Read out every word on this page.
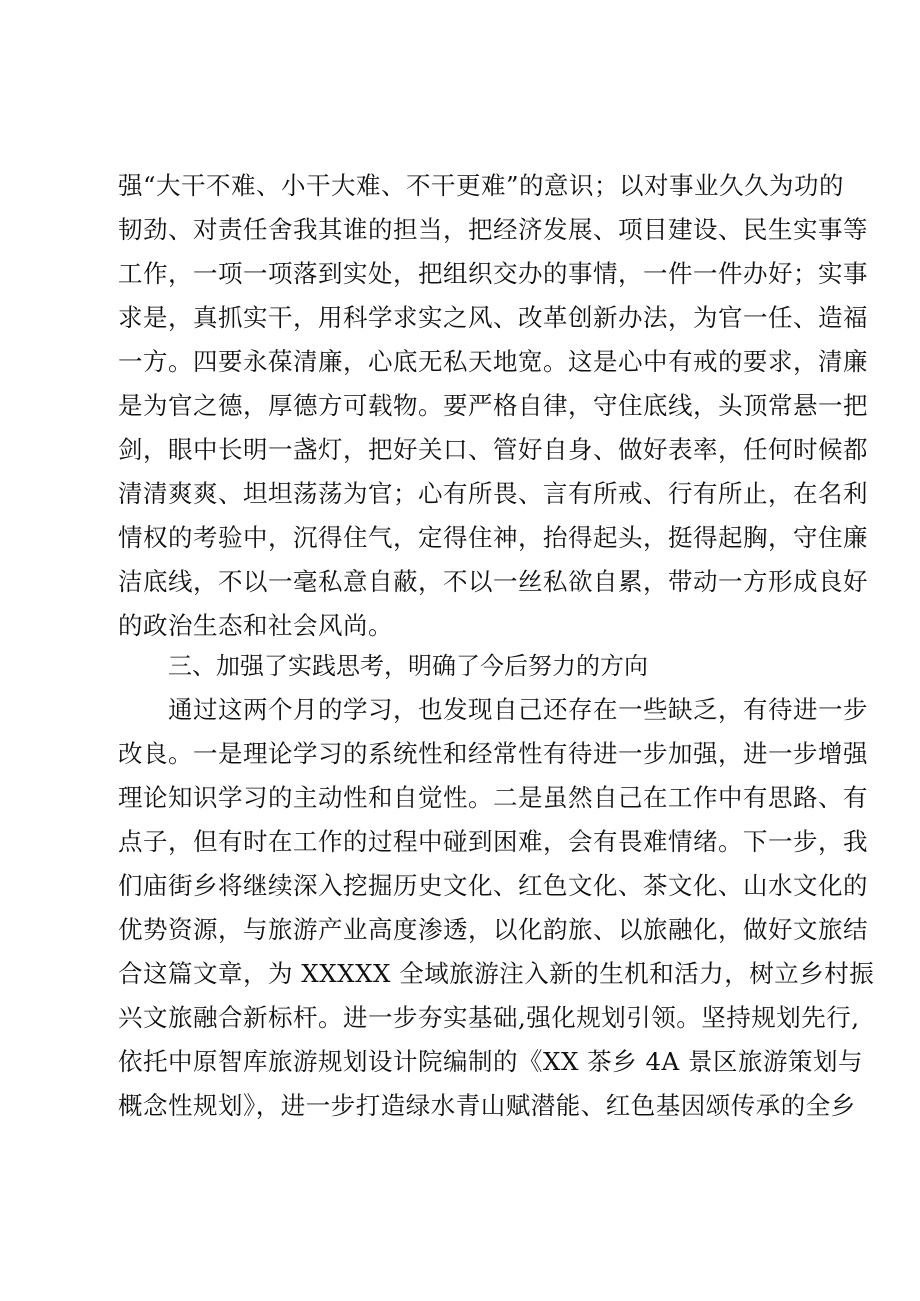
强“大干不难、小干大难、不干更难”的意识；以对事业久久为功的
韧劲、对责任舍我其谁的担当，把经济发展、项目建设、民生实事等
工作，一项一项落到实处，把组织交办的事情，一件一件办好；实事
求是，真抓实干，用科学求实之风、改革创新办法，为官一任、造福
一方。四要永葆清廉，心底无私天地宽。这是心中有戒的要求，清廉
是为官之德，厚德方可载物。要严格自律，守住底线，头顶常悬一把
剑，眼中长明一盏灯，把好关口、管好自身、做好表率，任何时候都
清清爽爽、坦坦荡荡为官；心有所畏、言有所戒、行有所止，在名利
情权的考验中，沉得住气，定得住神，抬得起头，挺得起胸，守住廉
洁底线，不以一毫私意自蔽，不以一丝私欲自累，带动一方形成良好
的政治生态和社会风尚。
三、加强了实践思考，明确了今后努力的方向
通过这两个月的学习，也发现自己还存在一些缺乏，有待进一步
改良。一是理论学习的系统性和经常性有待进一步加强，进一步增强
理论知识学习的主动性和自觉性。二是虽然自己在工作中有思路、有
点子，但有时在工作的过程中碰到困难，会有畏难情绪。下一步，我
们庙街乡将继续深入挖掘历史文化、红色文化、茶文化、山水文化的
优势资源，与旅游产业高度渗透，以化韵旅、以旅融化，做好文旅结
合这篇文章，为 XXXXX 全域旅游注入新的生机和活力，树立乡村振
兴文旅融合新标杆。进一步夯实基础,强化规划引领。坚持规划先行,
依托中原智库旅游规划设计院编制的《XX 茶乡 4A 景区旅游策划与
概念性规划》，进一步打造绿水青山赋潜能、红色基因颂传承的全乡
